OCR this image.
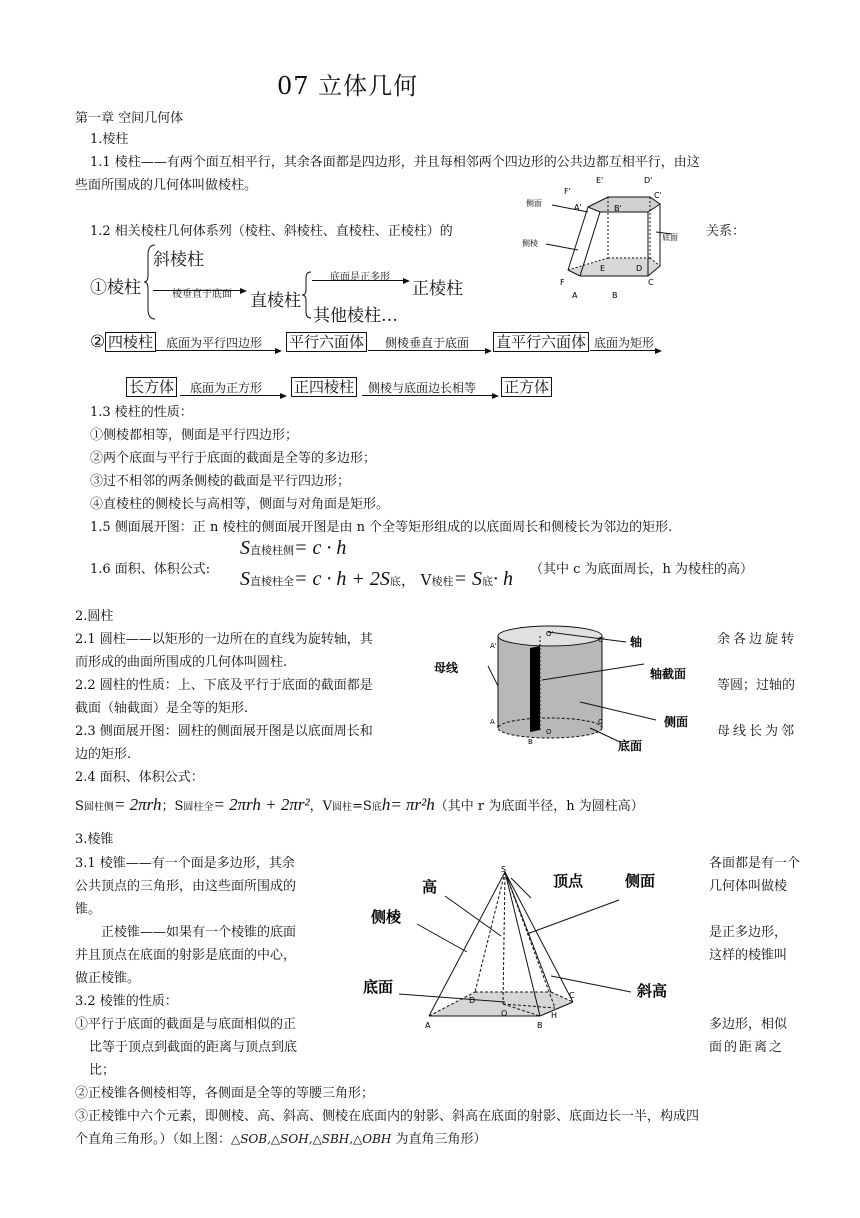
07 立体几何
第一章 空间几何体
1.棱柱
1.1 棱柱——有两个面互相平行，其余各面都是四边形，并且每相邻两个四边形的公共边都互相平行，由这
些面所围成的几何体叫做棱柱。
1.2 相关棱柱几何体系列（棱柱、斜棱柱、直棱柱、正棱柱）的	关系：
E'	D'
F'	C'
A'	B'
侧面
侧棱
底面
E	D
F	C
A	B
①棱柱
斜棱柱
棱垂直于底面 直棱柱
底面是正多形
正棱柱
其他棱柱…
② 四棱柱 底面为平行四边形 平行六面体 侧棱垂直于底面 直平行六面体 底面为矩形
长方体 底面为正方形 正四棱柱 侧棱与底面边长相等 正方体
1.3 棱柱的性质：
①侧棱都相等，侧面是平行四边形；
②两个底面与平行于底面的截面是全等的多边形；
③过不相邻的两条侧棱的截面是平行四边形；
④直棱柱的侧棱长与高相等，侧面与对角面是矩形。
1.5 侧面展开图：正 n 棱柱的侧面展开图是由 n 个全等矩形组成的以底面周长和侧棱长为邻边的矩形.
1.6 面积、体积公式:
S直棱柱侧= c · h
S直棱柱全= c · h + 2S底， V棱柱= S底· h （其中 c 为底面周长，h 为棱柱的高）
2.圆柱
2.1 圆柱——以矩形的一边所在的直线为旋转轴，其	余各边旋转
而形成的曲面所围成的几何体叫圆柱.
2.2 圆柱的性质：上、下底及平行于底面的截面都是	等圆；过轴的
截面（轴截面）是全等的矩形.
2.3 侧面展开图：圆柱的侧面展开图是以底面周长和	母线长为邻
边的矩形.
2.4 面积、体积公式：
O'
A'
B'
C' 轴
母线	轴截面
侧面
底面
A
O
C
B
S圆柱侧= 2πrh；S圆柱全= 2πrh + 2πr²，V圆柱=S底h= πr²h（其中 r 为底面半径，h 为圆柱高）
3.棱锥
3.1 棱锥——有一个面是多边形，其余	各面都是有一个
公共顶点的三角形，由这些面所围成的	几何体叫做棱
锥。
正棱锥——如果有一个棱锥的底面	是正多边形，
并且顶点在底面的射影是底面的中心，	这样的棱锥叫
做正棱锥。
3.2 棱锥的性质：
①平行于底面的截面是与底面相似的正	多边形，相似
比等于顶点到截面的距离与顶点到底	面的距离之
比；
②正棱锥各侧棱相等，各侧面是全等的等腰三角形；
③正棱锥中六个元素，即侧棱、高、斜高、侧棱在底面内的射影、斜高在底面的射影、底面边长一半，构成四
个直角三角形。）（如上图：△SOB,△SOH,△SBH,△OBH 为直角三角形）
S
高	顶点	侧面
侧棱
底面	斜高
D
C
O	H
A	B
